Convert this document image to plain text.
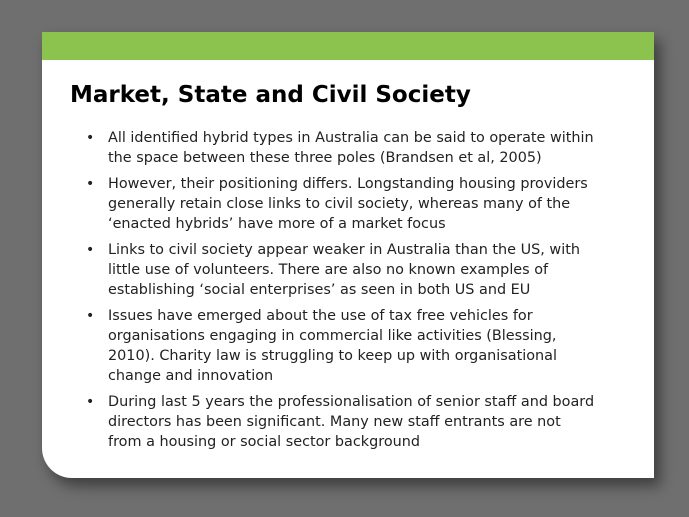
Market, State and Civil Society
• All identified hybrid types in Australia can be said to operate within
the space between these three poles (Brandsen et al, 2005)
• However, their positioning differs. Longstanding housing providers
generally retain close links to civil society, whereas many of the
‘enacted hybrids’ have more of a market focus
• Links to civil society appear weaker in Australia than the US, with
little use of volunteers. There are also no known examples of
establishing ‘social enterprises’ as seen in both US and EU
• Issues have emerged about the use of tax free vehicles for
organisations engaging in commercial like activities (Blessing,
2010). Charity law is struggling to keep up with organisational
change and innovation
• During last 5 years the professionalisation of senior staff and board
directors has been significant. Many new staff entrants are not
from a housing or social sector background
